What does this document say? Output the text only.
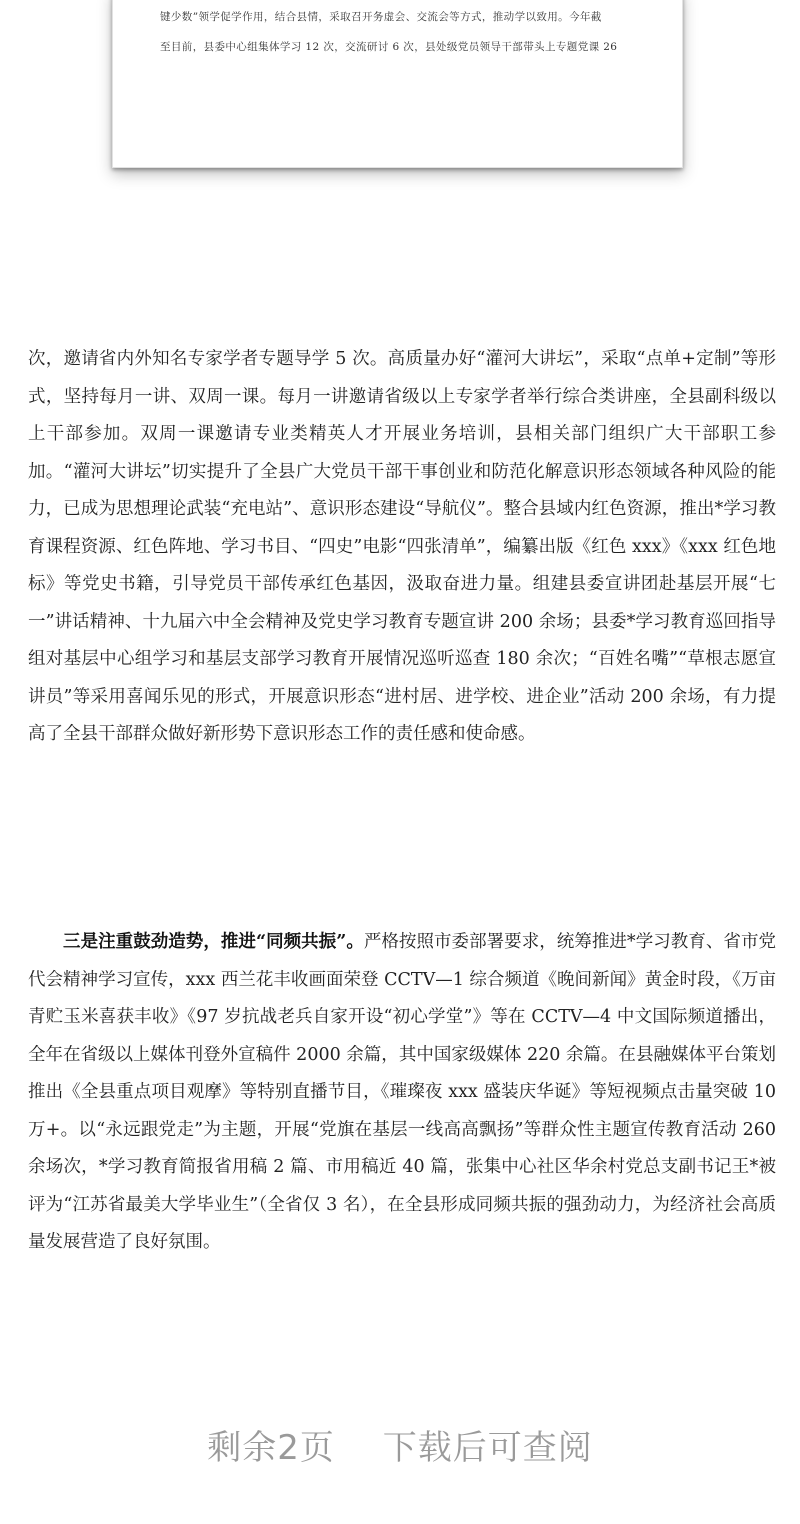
键少数”领学促学作用，结合县情，采取召开务虚会、交流会等方式，推动学以致用。今年截
至目前，县委中心组集体学习 12 次，交流研讨 6 次，县处级党员领导干部带头上专题党课 26
次，邀请省内外知名专家学者专题导学 5 次。高质量办好“灌河大讲坛”，采取“点单+定制”等形式，坚持每月一讲、双周一课。每月一讲邀请省级以上专家学者举行综合类讲座，全县副科级以上干部参加。双周一课邀请专业类精英人才开展业务培训，县相关部门组织广大干部职工参加。“灌河大讲坛”切实提升了全县广大党员干部干事创业和防范化解意识形态领域各种风险的能力，已成为思想理论武装“充电站”、意识形态建设“导航仪”。整合县域内红色资源，推出*学习教育课程资源、红色阵地、学习书目、“四史”电影“四张清单”，编纂出版《红色 xxx》《xxx 红色地标》等党史书籍，引导党员干部传承红色基因，汲取奋进力量。组建县委宣讲团赴基层开展“七一”讲话精神、十九届六中全会精神及党史学习教育专题宣讲 200 余场；县委*学习教育巡回指导组对基层中心组学习和基层支部学习教育开展情况巡听巡查 180 余次；“百姓名嘴”“草根志愿宣讲员”等采用喜闻乐见的形式，开展意识形态“进村居、进学校、进企业”活动 200 余场，有力提高了全县干部群众做好新形势下意识形态工作的责任感和使命感。
三是注重鼓劲造势，推进“同频共振”。严格按照市委部署要求，统筹推进*学习教育、省市党代会精神学习宣传，xxx 西兰花丰收画面荣登 CCTV—1 综合频道《晚间新闻》黄金时段，《万亩青贮玉米喜获丰收》《97 岁抗战老兵自家开设“初心学堂”》等在 CCTV—4 中文国际频道播出，全年在省级以上媒体刊登外宣稿件 2000 余篇，其中国家级媒体 220 余篇。在县融媒体平台策划推出《全县重点项目观摩》等特别直播节目，《璀璨夜 xxx 盛装庆华诞》等短视频点击量突破 10 万+。以“永远跟党走”为主题，开展“党旗在基层一线高高飘扬”等群众性主题宣传教育活动 260 余场次，*学习教育简报省用稿 2 篇、市用稿近 40 篇，张集中心社区华余村党总支副书记王*被评为“江苏省最美大学毕业生”（全省仅 3 名），在全县形成同频共振的强劲动力，为经济社会高质量发展营造了良好氛围。
剩余2页 下载后可查阅
